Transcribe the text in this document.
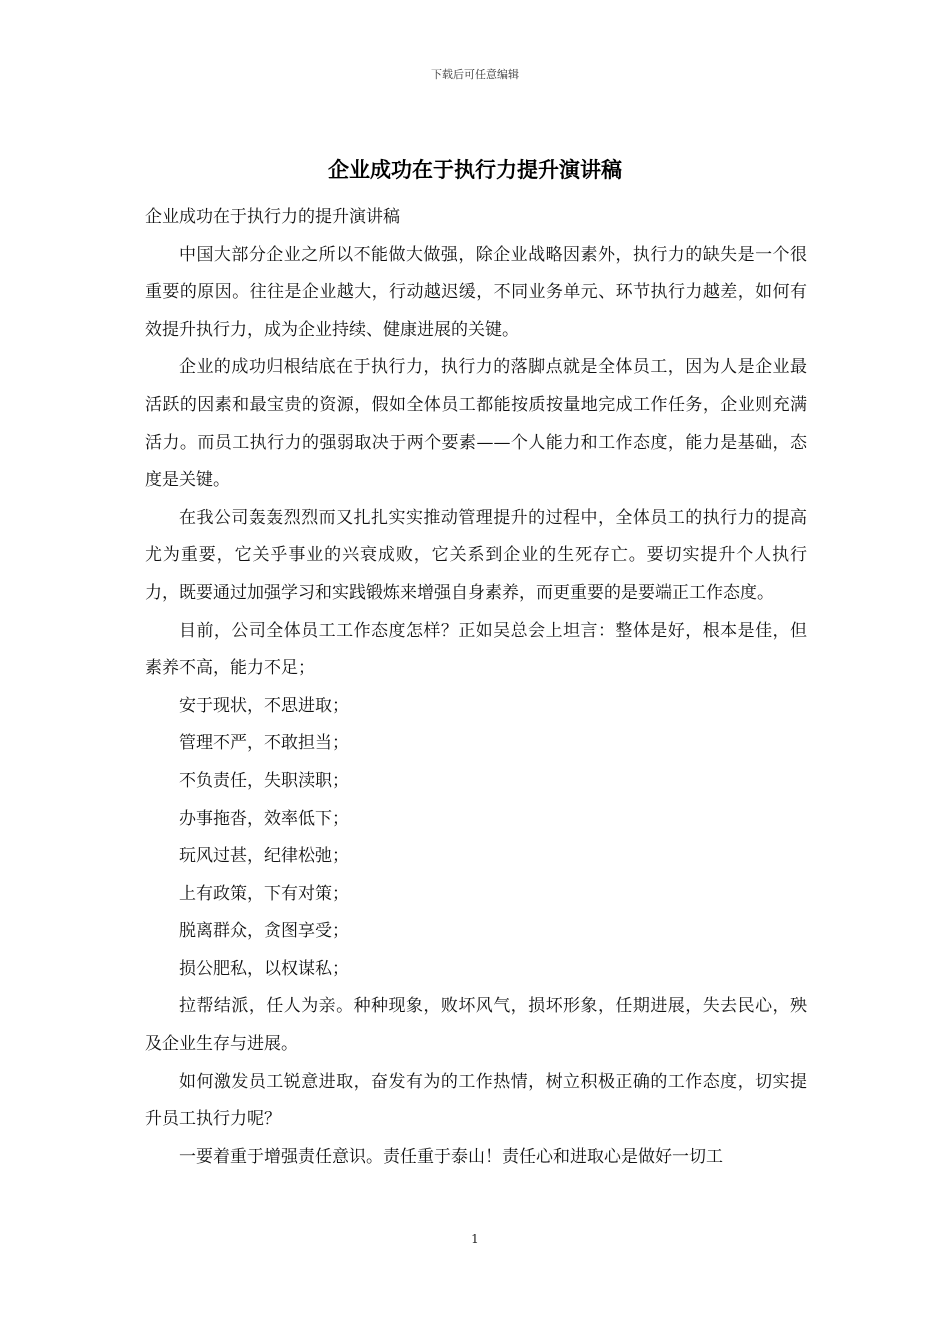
下载后可任意编辑
企业成功在于执行力提升演讲稿

企业成功在于执行力的提升演讲稿

中国大部分企业之所以不能做大做强，除企业战略因素外，执行力的缺失是一个很重要的原因。往往是企业越大，行动越迟缓，不同业务单元、环节执行力越差，如何有效提升执行力，成为企业持续、健康进展的关键。

企业的成功归根结底在于执行力，执行力的落脚点就是全体员工，因为人是企业最活跃的因素和最宝贵的资源，假如全体员工都能按质按量地完成工作任务，企业则充满活力。而员工执行力的强弱取决于两个要素——个人能力和工作态度，能力是基础，态度是关键。

在我公司轰轰烈烈而又扎扎实实推动管理提升的过程中，全体员工的执行力的提高尤为重要，它关乎事业的兴衰成败，它关系到企业的生死存亡。要切实提升个人执行力，既要通过加强学习和实践锻炼来增强自身素养，而更重要的是要端正工作态度。

目前，公司全体员工工作态度怎样？正如吴总会上坦言：整体是好，根本是佳，但素养不高，能力不足；

安于现状，不思进取；

管理不严，不敢担当；

不负责任，失职渎职；

办事拖沓，效率低下；

玩风过甚，纪律松弛；

上有政策，下有对策；

脱离群众，贪图享受；

损公肥私，以权谋私；

拉帮结派，任人为亲。种种现象，败坏风气，损坏形象，任期进展，失去民心，殃及企业生存与进展。

如何激发员工锐意进取，奋发有为的工作热情，树立积极正确的工作态度，切实提升员工执行力呢？

一要着重于增强责任意识。责任重于泰山！责任心和进取心是做好一切工

1
